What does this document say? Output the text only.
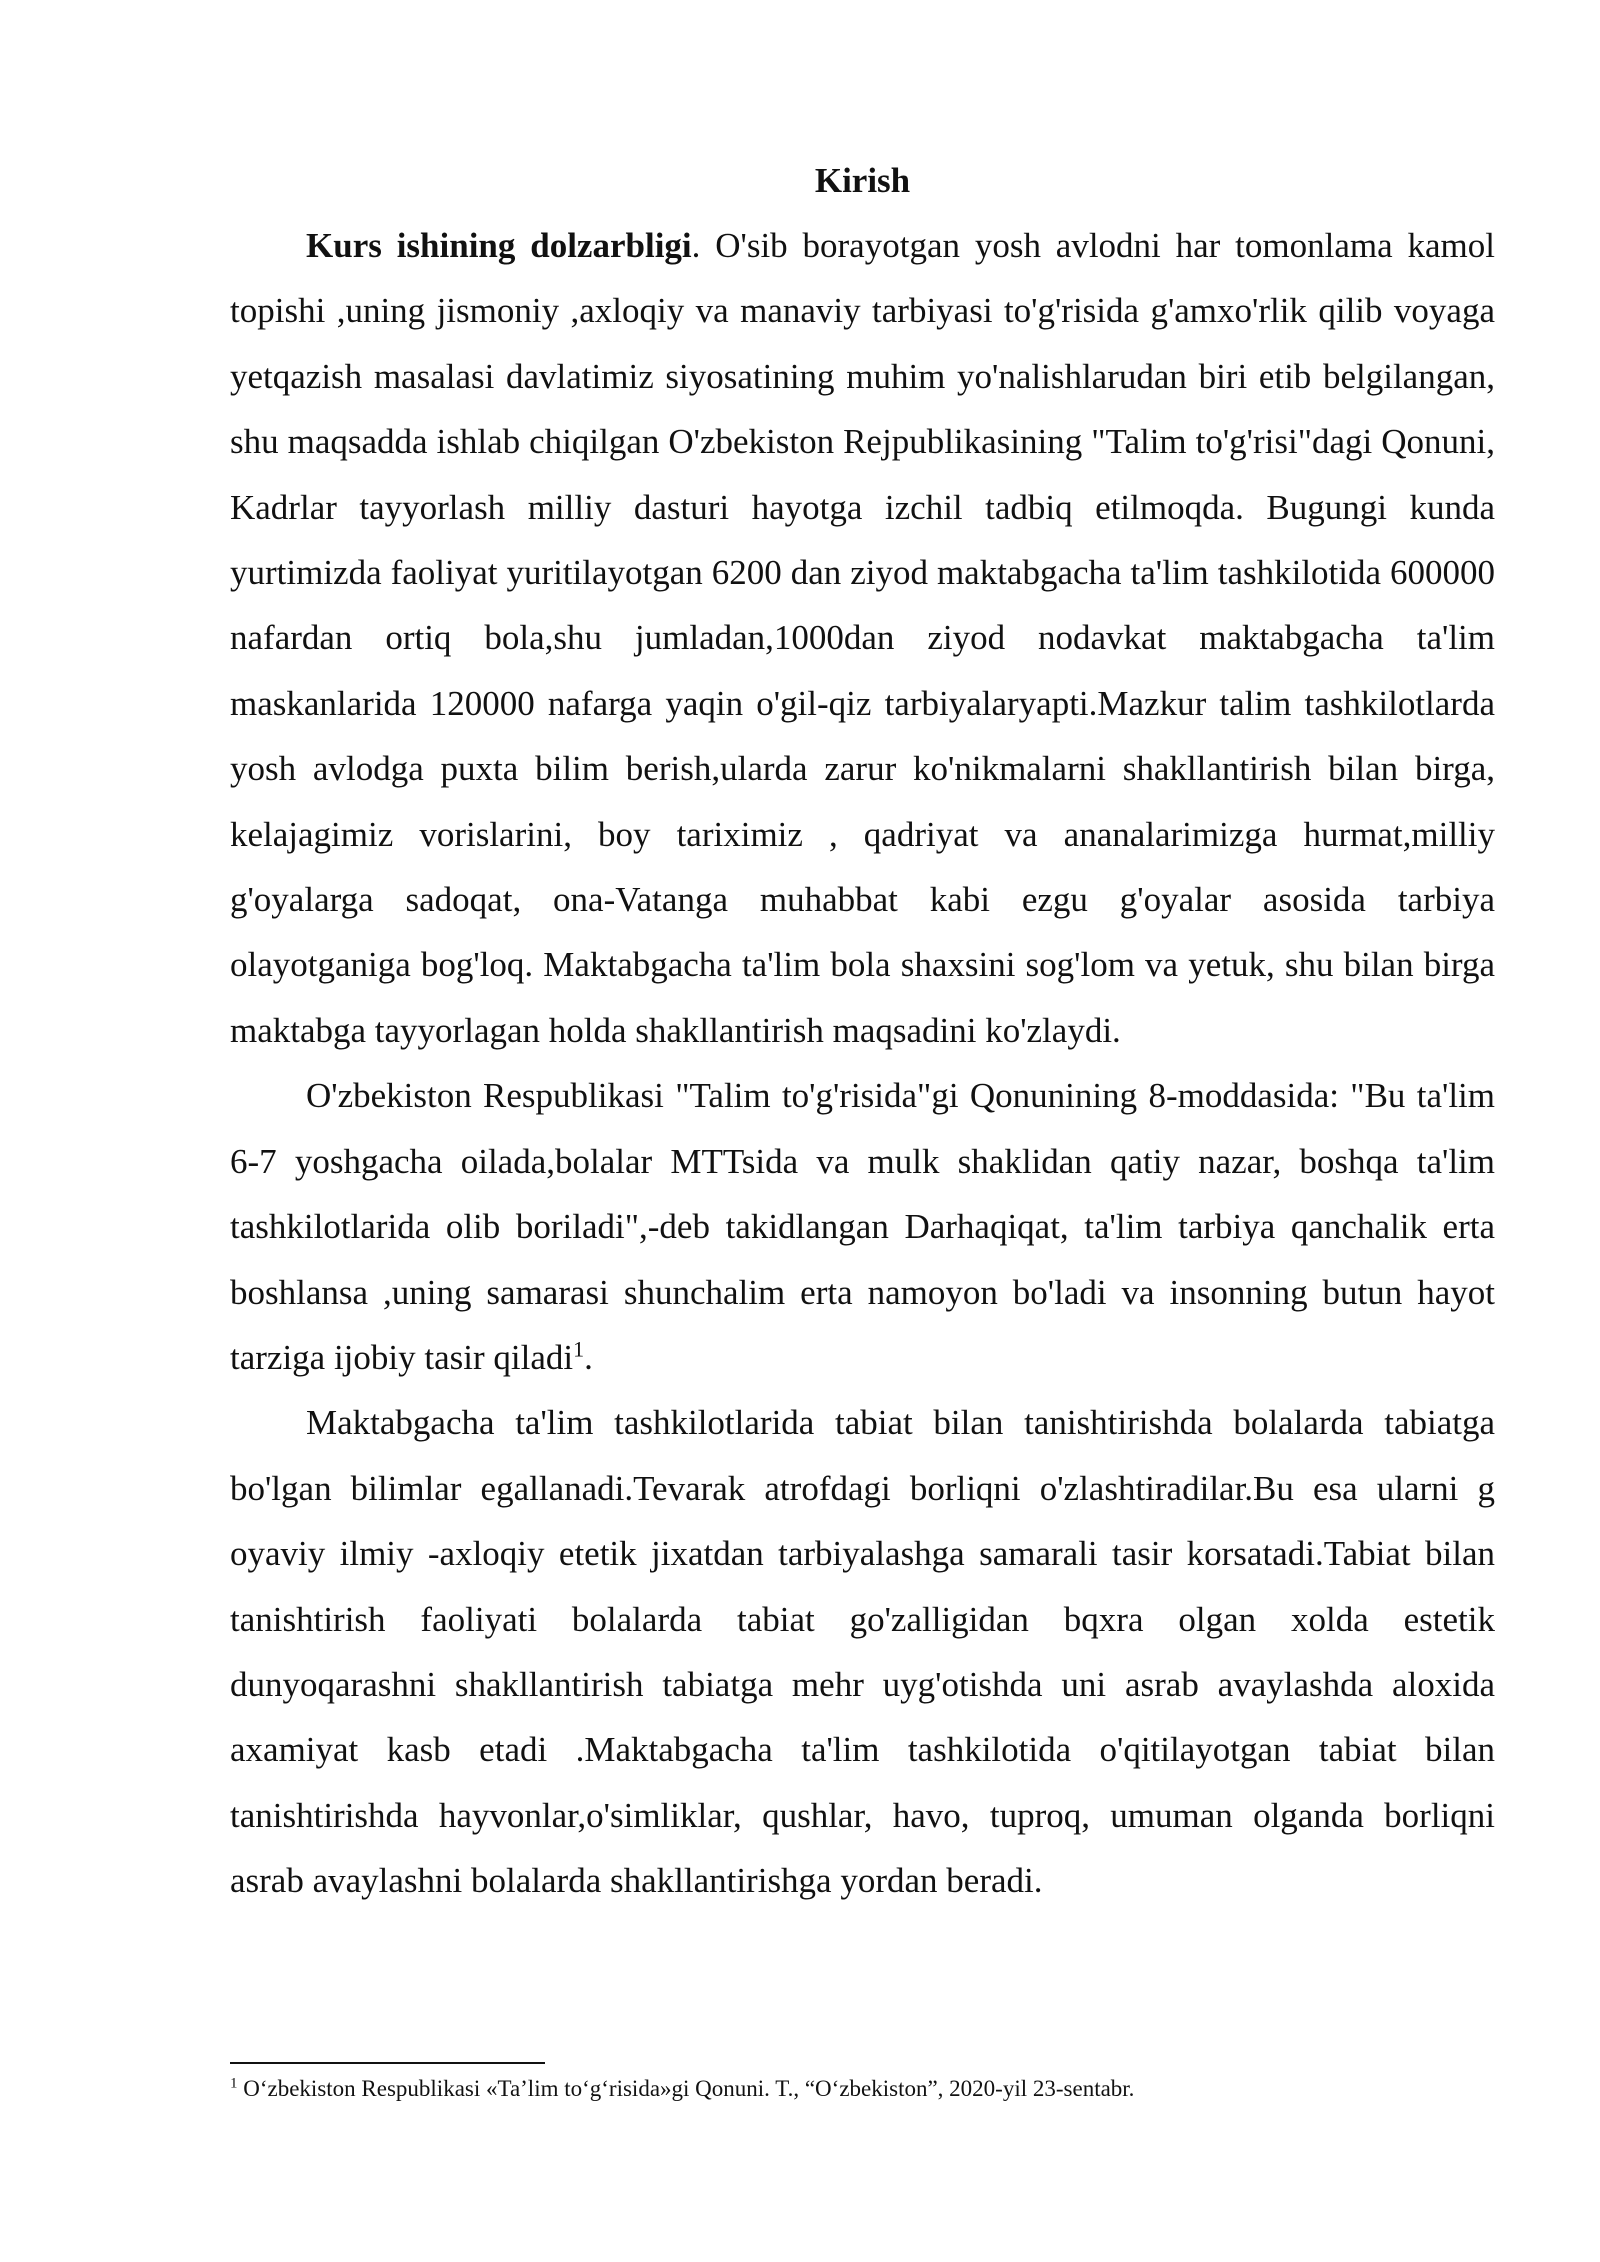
Kirish

Kurs ishining dolzarbligi. O'sib borayotgan yosh avlodni har tomonlama kamol topishi ,uning jismoniy ,axloqiy va manaviy tarbiyasi to'g'risida g'amxo'rlik qilib voyaga yetqazish masalasi davlatimiz siyosatining muhim yo'nalishlarudan biri etib belgilangan, shu maqsadda ishlab chiqilgan O'zbekiston Rejpublikasining "Talim to'g'risi"dagi Qonuni, Kadrlar tayyorlash milliy dasturi hayotga izchil tadbiq etilmoqda. Bugungi kunda yurtimizda faoliyat yuritilayotgan 6200 dan ziyod maktabgacha ta'lim tashkilotida 600000 nafardan ortiq bola,shu jumladan,1000dan ziyod nodavkat maktabgacha ta'lim maskanlarida 120000 nafarga yaqin o'gil-qiz tarbiyalaryapti.Mazkur talim tashkilotlarda yosh avlodga puxta bilim berish,ularda zarur ko'nikmalarni shakllantirish bilan birga, kelajagimiz vorislarini, boy tariximiz , qadriyat va ananalarimizga hurmat,milliy g'oyalarga sadoqat, ona-Vatanga muhabbat kabi ezgu g'oyalar asosida tarbiya olayotganiga bog'loq. Maktabgacha ta'lim bola shaxsini sog'lom va yetuk, shu bilan birga maktabga tayyorlagan holda shakllantirish maqsadini ko'zlaydi.

O'zbekiston Respublikasi "Talim to'g'risida"gi Qonunining 8-moddasida: "Bu ta'lim 6-7 yoshgacha oilada,bolalar MTTsida va mulk shaklidan qatiy nazar, boshqa ta'lim tashkilotlarida olib boriladi",-deb takidlangan Darhaqiqat, ta'lim tarbiya qanchalik erta boshlansa ,uning samarasi shunchalim erta namoyon bo'ladi va insonning butun hayot tarziga ijobiy tasir qiladi$^1$.

Maktabgacha ta'lim tashkilotlarida tabiat bilan tanishtirishda bolalarda tabiatga bo'lgan bilimlar egallanadi.Tevarak atrofdagi borliqni o'zlashtiradilar.Bu esa ularni g oyaviy ilmiy -axloqiy etetik jixatdan tarbiyalashga samarali tasir korsatadi.Tabiat bilan tanishtirish faoliyati bolalarda tabiat go'zalligidan bqxra olgan xolda estetik dunyoqarashni shakllantirish tabiatga mehr uyg'otishda uni asrab avaylashda aloxida axamiyat kasb etadi .Maktabgacha ta'lim tashkilotida o'qitilayotgan tabiat bilan tanishtirishda hayvonlar,o'simliklar, qushlar, havo, tuproq, umuman olganda borliqni asrab avaylashni bolalarda shakllantirishga yordan beradi.

$^1$ O‘zbekiston Respublikasi «Ta’lim to‘g‘risida»gi Qonuni. T., “O‘zbekiston”, 2020-yil 23-sentabr.
